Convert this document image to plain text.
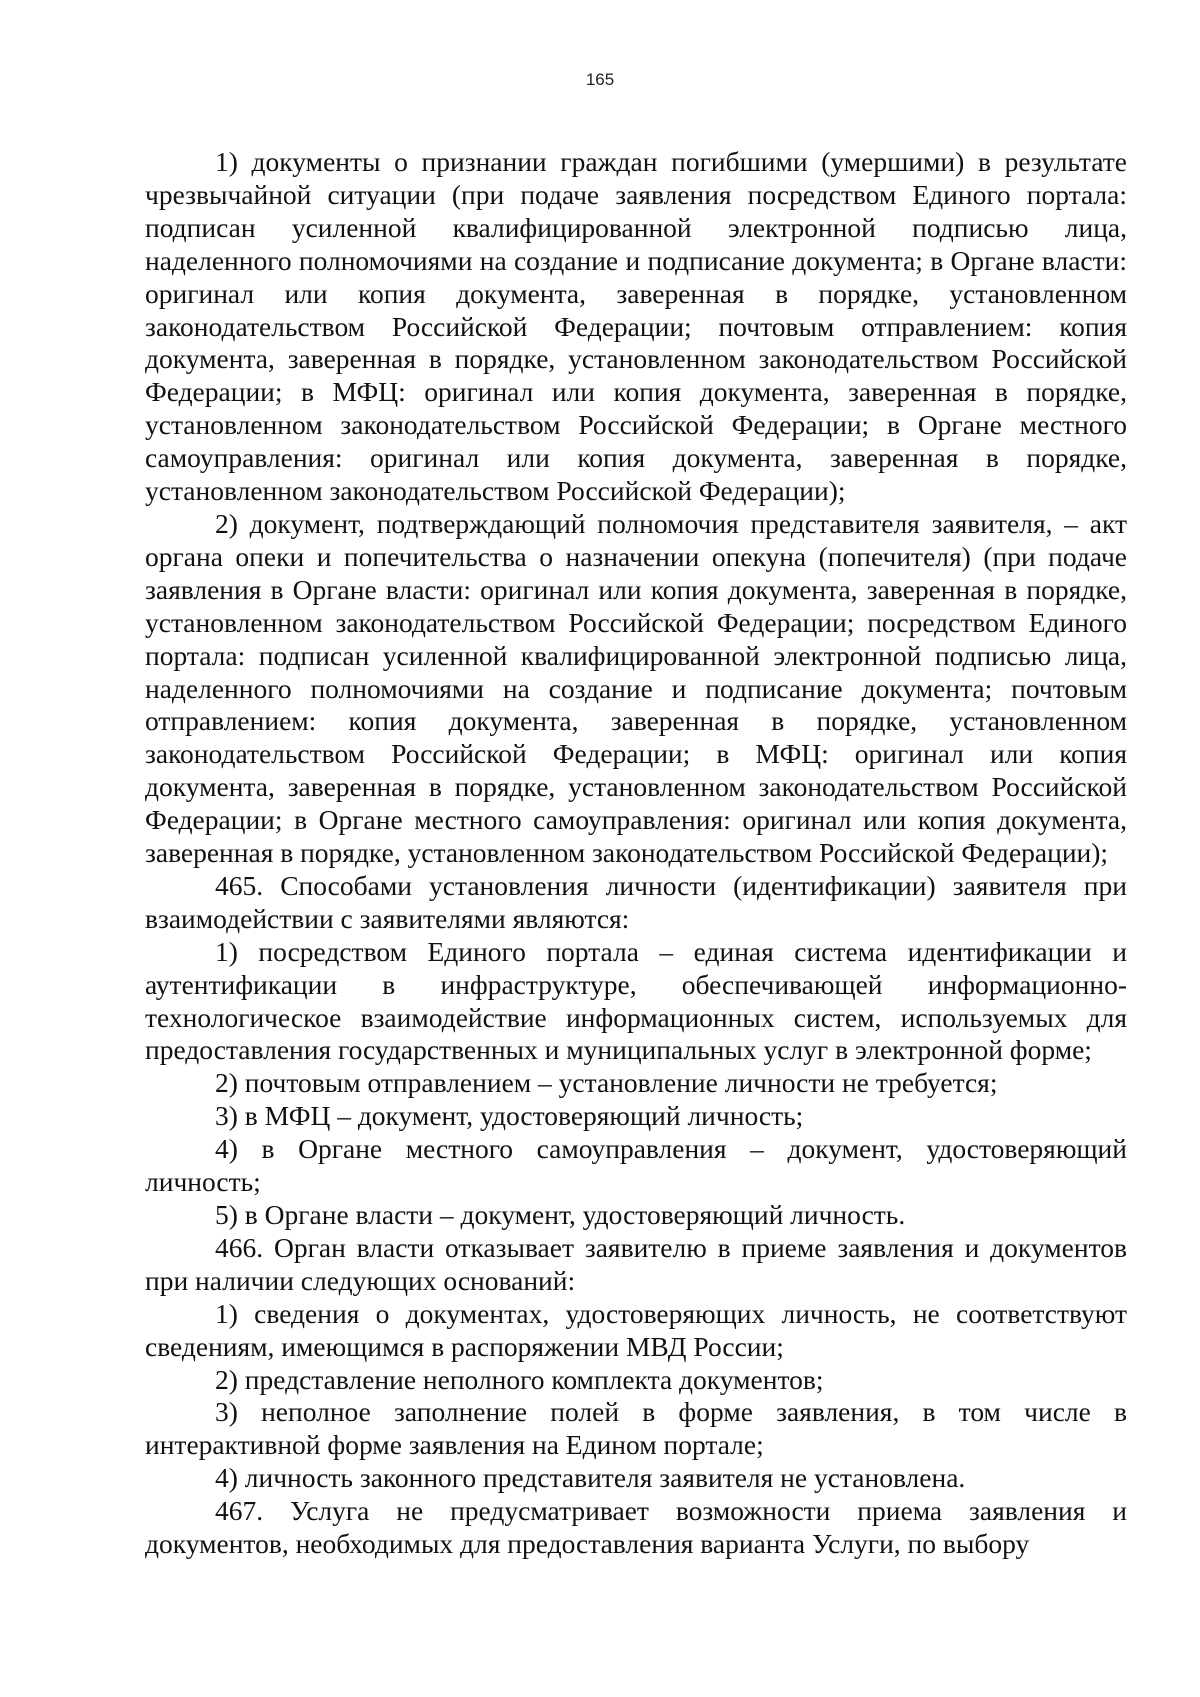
165

1) документы о признании граждан погибшими (умершими) в результате чрезвычайной ситуации (при подаче заявления посредством Единого портала: подписан усиленной квалифицированной электронной подписью лица, наделенного полномочиями на создание и подписание документа; в Органе власти: оригинал или копия документа, заверенная в порядке, установленном законодательством Российской Федерации; почтовым отправлением: копия документа, заверенная в порядке, установленном законодательством Российской Федерации; в МФЦ: оригинал или копия документа, заверенная в порядке, установленном законодательством Российской Федерации; в Органе местного самоуправления: оригинал или копия документа, заверенная в порядке, установленном законодательством Российской Федерации);

2) документ, подтверждающий полномочия представителя заявителя, – акт органа опеки и попечительства о назначении опекуна (попечителя) (при подаче заявления в Органе власти: оригинал или копия документа, заверенная в порядке, установленном законодательством Российской Федерации; посредством Единого портала: подписан усиленной квалифицированной электронной подписью лица, наделенного полномочиями на создание и подписание документа; почтовым отправлением: копия документа, заверенная в порядке, установленном законодательством Российской Федерации; в МФЦ: оригинал или копия документа, заверенная в порядке, установленном законодательством Российской Федерации; в Органе местного самоуправления: оригинал или копия документа, заверенная в порядке, установленном законодательством Российской Федерации);

465. Способами установления личности (идентификации) заявителя при взаимодействии с заявителями являются:

1) посредством Единого портала – единая система идентификации и аутентификации в инфраструктуре, обеспечивающей информационно-технологическое взаимодействие информационных систем, используемых для предоставления государственных и муниципальных услуг в электронной форме;

2) почтовым отправлением – установление личности не требуется;

3) в МФЦ – документ, удостоверяющий личность;

4) в Органе местного самоуправления – документ, удостоверяющий личность;

5) в Органе власти – документ, удостоверяющий личность.

466. Орган власти отказывает заявителю в приеме заявления и документов при наличии следующих оснований:

1) сведения о документах, удостоверяющих личность, не соответствуют сведениям, имеющимся в распоряжении МВД России;

2) представление неполного комплекта документов;

3) неполное заполнение полей в форме заявления, в том числе в интерактивной форме заявления на Едином портале;

4) личность законного представителя заявителя не установлена.

467. Услуга не предусматривает возможности приема заявления и документов, необходимых для предоставления варианта Услуги, по выбору
